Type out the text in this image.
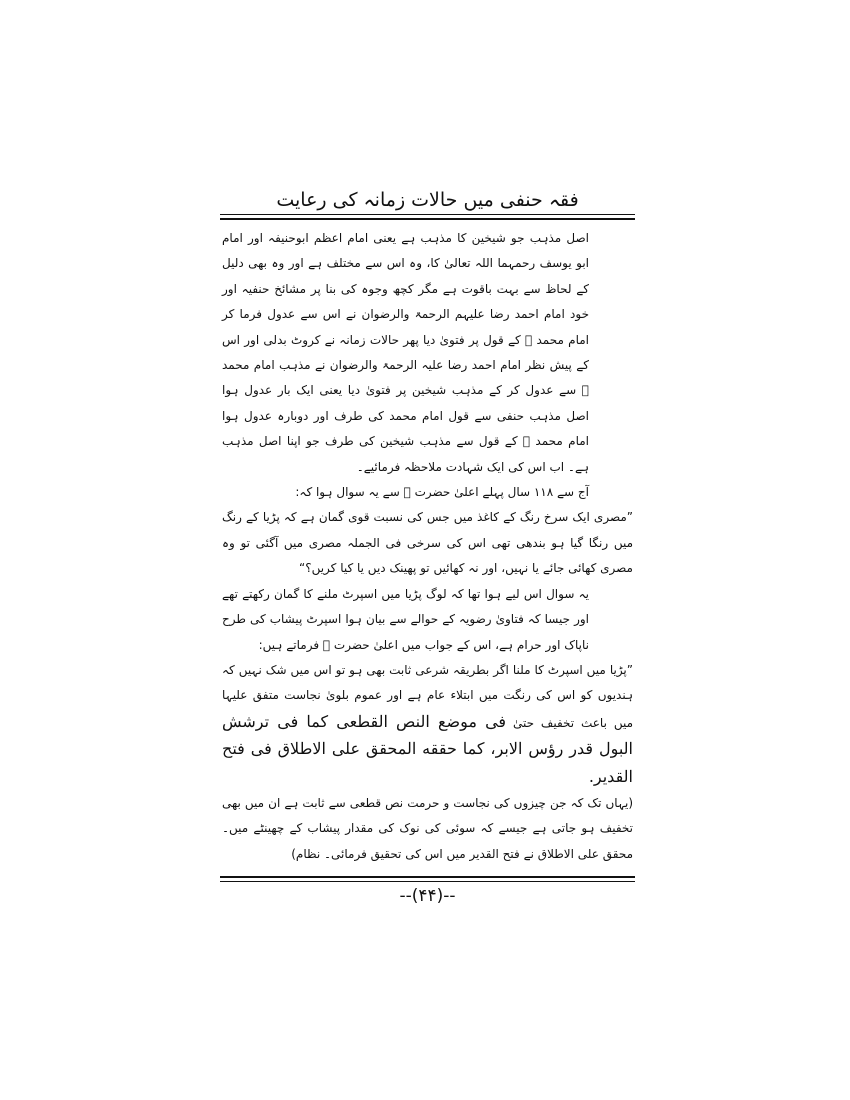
فقہ حنفی میں حالات زمانہ کی رعایت

اصل مذہب جو شیخین کا مذہب ہے یعنی امام اعظم ابوحنیفہ اور امام ابو یوسف رحمہما اللہ تعالیٰ کا، وہ اس سے مختلف ہے اور وہ بھی دلیل کے لحاظ سے بہت باقوت ہے مگر کچھ وجوہ کی بنا پر مشائخ حنفیہ اور خود امام احمد رضا علیہم الرحمۃ والرضوان نے اس سے عدول فرما کر امام محمد ﷫ کے قول پر فتویٰ دیا پھر حالات زمانہ نے کروٹ بدلی اور اس کے پیش نظر امام احمد رضا علیہ الرحمۃ والرضوان نے مذہب امام محمد ﷫ سے عدول کر کے مذہب شیخین پر فتویٰ دیا یعنی ایک بار عدول ہوا اصل مذہب حنفی سے قول امام محمد کی طرف اور دوبارہ عدول ہوا امام محمد ﷫ کے قول سے مذہب شیخین کی طرف جو اپنا اصل مذہب ہے۔ اب اس کی ایک شہادت ملاحظہ فرمائیے۔

آج سے ۱۱۸ سال پہلے اعلیٰ حضرت ﷫ سے یہ سوال ہوا کہ:

”مصری ایک سرخ رنگ کے کاغذ میں جس کی نسبت قوی گمان ہے کہ پڑیا کے رنگ میں رنگا گیا ہو بندھی تھی اس کی سرخی فی الجملہ مصری میں آگئی تو وہ مصری کھائی جائے یا نہیں، اور نہ کھائیں تو پھینک دیں یا کیا کریں؟“

یہ سوال اس لیے ہوا تھا کہ لوگ پڑیا میں اسپرٹ ملنے کا گمان رکھتے تھے اور جیسا کہ فتاویٰ رضویہ کے حوالے سے بیان ہوا اسپرٹ پیشاب کی طرح ناپاک اور حرام ہے، اس کے جواب میں اعلیٰ حضرت ﷫ فرماتے ہیں:

”پڑیا میں اسپرٹ کا ملنا اگر بطریقہ شرعی ثابت بھی ہو تو اس میں شک نہیں کہ ہندیوں کو اس کی رنگت میں ابتلاء عام ہے اور عموم بلویٰ نجاست متفق علیہا میں باعث تخفیف حتیٰ فی موضع النص القطعی کما فی ترشش البول قدر رؤس الابر، کما حققه المحقق علی الاطلاق فی فتح القدیر.

(یہاں تک کہ جن چیزوں کی نجاست و حرمت نص قطعی سے ثابت ہے ان میں بھی تخفیف ہو جاتی ہے جیسے کہ سوئی کی نوک کی مقدار پیشاب کے چھینٹے میں۔ محقق علی الاطلاق نے فتح القدیر میں اس کی تحقیق فرمائی۔ نظام)

--(۴۴)--
